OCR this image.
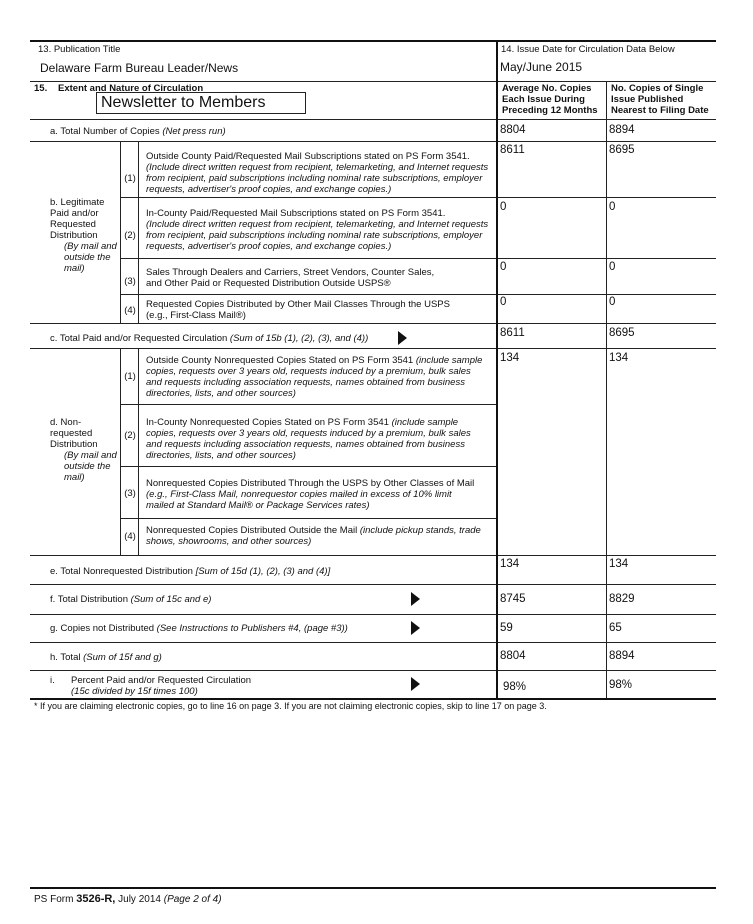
13. Publication Title
Delaware Farm Bureau Leader/News
14. Issue Date for Circulation Data Below
May/June 2015
15. Extent and Nature of Circulation
Newsletter to Members
Average No. Copies Each Issue During Preceding 12 Months
No. Copies of Single Issue Published Nearest to Filing Date
a. Total Number of Copies (Net press run)	8804	8894
b. Legitimate Paid and/or Requested Distribution
(By mail and outside the mail)
(1)
Outside County Paid/Requested Mail Subscriptions stated on PS Form 3541.
(Include direct written request from recipient, telemarketing, and Internet requests from recipient, paid subscriptions including nominal rate subscriptions, employer requests, advertiser's proof copies, and exchange copies.)
8611	8695
(2)
In-County Paid/Requested Mail Subscriptions stated on PS Form 3541.
(Include direct written request from recipient, telemarketing, and Internet requests from recipient, paid subscriptions including nominal rate subscriptions, employer requests, advertiser's proof copies, and exchange copies.)
0	0
(3)
Sales Through Dealers and Carriers, Street Vendors, Counter Sales, and Other Paid or Requested Distribution Outside USPS®
0	0
(4)
Requested Copies Distributed by Other Mail Classes Through the USPS
(e.g., First-Class Mail®)
0	0
c. Total Paid and/or Requested Circulation (Sum of 15b (1), (2), (3), and (4))	8611	8695
d. Non-requested Distribution
(By mail and outside the mail)
134	134
(1)
Outside County Nonrequested Copies Stated on PS Form 3541 (include sample copies, requests over 3 years old, requests induced by a premium, bulk sales and requests including association requests, names obtained from business directories, lists, and other sources)
(2)
In-County Nonrequested Copies Stated on PS Form 3541 (include sample copies, requests over 3 years old, requests induced by a premium, bulk sales and requests including association requests, names obtained from business directories, lists, and other sources)
(3)
Nonrequested Copies Distributed Through the USPS by Other Classes of Mail (e.g., First-Class Mail, nonrequestor copies mailed in excess of 10% limit mailed at Standard Mail® or Package Services rates)
(4)
Nonrequested Copies Distributed Outside the Mail (include pickup stands, trade shows, showrooms, and other sources)
e. Total Nonrequested Distribution [Sum of 15d (1), (2), (3) and (4)]
134	134
f. Total Distribution (Sum of 15c and e)	8745	8829
g. Copies not Distributed (See Instructions to Publishers #4, (page #3))	59	65
h. Total (Sum of 15f and g)	8804	8894
i. Percent Paid and/or Requested Circulation
(15c divided by 15f times 100)	98%	98%
* If you are claiming electronic copies, go to line 16 on page 3. If you are not claiming electronic copies, skip to line 17 on page 3.
PS Form 3526-R, July 2014 (Page 2 of 4)
